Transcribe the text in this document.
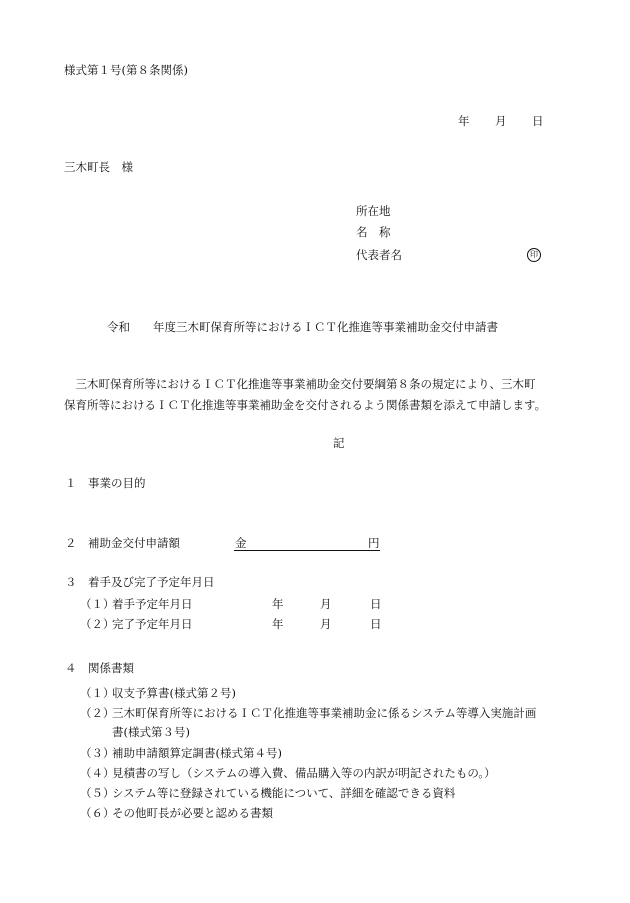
様式第１号(第８条関係)
年 月 日
三木町長　様
所在地
名　称
代表者名	印
令和　　年度三木町保育所等におけるＩＣＴ化推進等事業補助金交付申請書
　三木町保育所等におけるＩＣＴ化推進等事業補助金交付要綱第８条の規定により、三木町
保育所等におけるＩＣＴ化推進等事業補助金を交付されるよう関係書類を添えて申請します。
記
１ 事業の目的
２ 補助金交付申請額	金	円
３ 着手及び完了予定年月日
（１）
着手予定年月日	年	月	日
（２）
完了予定年月日	年	月	日
４ 関係書類
（１）
収支予算書(様式第２号)
（２）
三木町保育所等におけるＩＣＴ化推進等事業補助金に係るシステム等導入実施計画
書(様式第３号)
（３）
補助申請額算定調書(様式第４号)
（４）
見積書の写し（システムの導入費、備品購入等の内訳が明記されたもの。）
（５）
システム等に登録されている機能について、詳細を確認できる資料
（６）
その他町長が必要と認める書類
